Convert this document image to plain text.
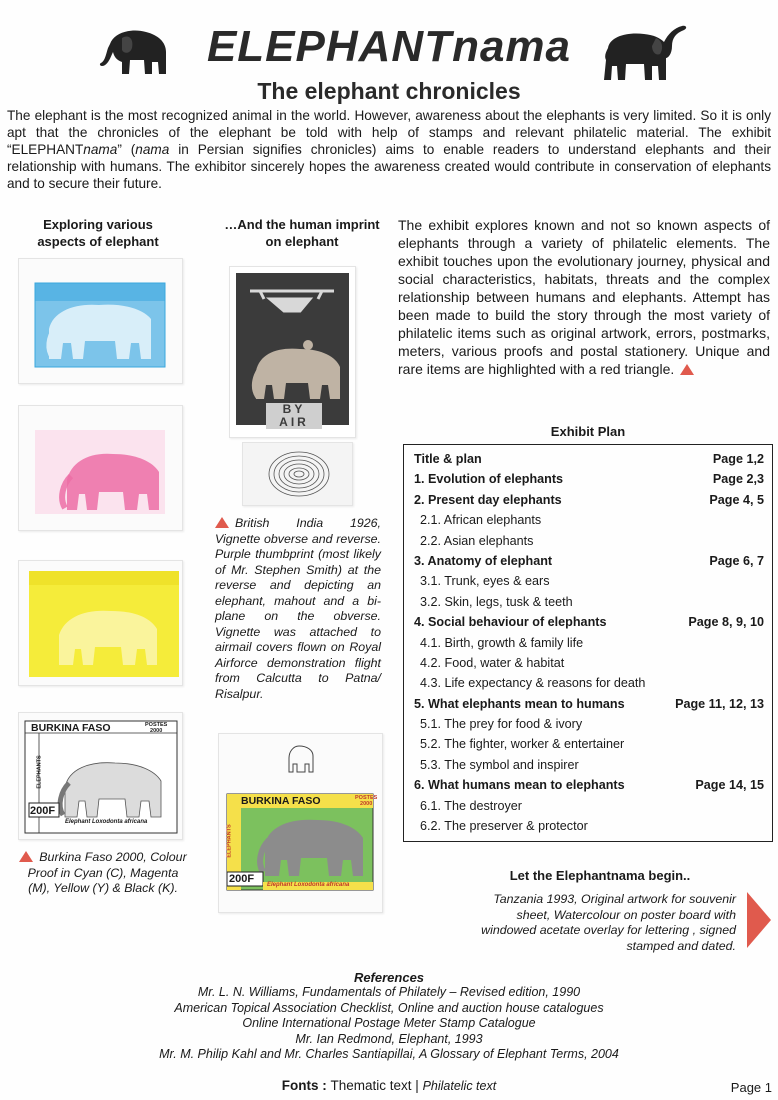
ELEPHANTnama
The elephant chronicles
The elephant is the most recognized animal in the world. However, awareness about the elephants is very limited. So it is only apt that the chronicles of the elephant be told with help of stamps and relevant philatelic material. The exhibit “ELEPHANTnama” (nama in Persian signifies chronicles) aims to enable readers to understand elephants and their relationship with humans. The exhibitor sincerely hopes the awareness created would contribute in conservation of elephants and to secure their future.
Exploring various aspects of elephant
…And the human imprint on elephant
BURKINA FASO	POSTES
2000
ELEPHANTS
200F
Elephant Loxodonta africana
Burkina Faso 2000, Colour Proof in Cyan (C), Magenta (M), Yellow (Y) & Black (K).
BY AIR
British India 1926, Vignette obverse and reverse. Purple thumbprint (most likely of Mr. Stephen Smith) at the reverse and depicting an elephant, mahout and a bi-plane on the obverse. Vignette was attached to airmail covers flown on Royal Airforce demonstration flight from Calcutta to Patna/ Risalpur.
BURKINA FASO	POSTES
2000
ELEPHANTS
200F Elephant Loxodonta africana
The exhibit explores known and not so known aspects of elephants through a variety of philatelic elements. The exhibit touches upon the evolutionary journey, physical and social characteristics, habitats, threats and the complex relationship between humans and elephants. Attempt has been made to build the story through the most variety of philatelic items such as original artwork, errors, postmarks, meters, various proofs and postal stationery. Unique and rare items are highlighted with a red triangle.
Exhibit Plan
Title & plan	Page 1,2
1. Evolution of elephants	Page 2,3
2. Present day elephants	Page 4, 5
2.1. African elephants
2.2. Asian elephants
3. Anatomy of elephant	Page 6, 7
3.1. Trunk, eyes & ears
3.2. Skin, legs, tusk & teeth
4. Social behaviour of elephants	Page 8, 9, 10
4.1. Birth, growth & family life
4.2. Food, water & habitat
4.3. Life expectancy & reasons for death
5. What elephants mean to humans	Page 11, 12, 13
5.1. The prey for food & ivory
5.2. The fighter, worker & entertainer
5.3. The symbol and inspirer
6. What humans mean to elephants	Page 14, 15
6.1. The destroyer
6.2. The preserver & protector
Let the Elephantnama begin..
Tanzania 1993, Original artwork for souvenir sheet, Watercolour on poster board with windowed acetate overlay for lettering , signed stamped and dated.
References
Mr. L. N. Williams, Fundamentals of Philately – Revised edition, 1990
American Topical Association Checklist, Online and auction house catalogues
Online International Postage Meter Stamp Catalogue
Mr. Ian Redmond, Elephant, 1993
Mr. M. Philip Kahl and Mr. Charles Santiapillai, A Glossary of Elephant Terms, 2004
Fonts : Thematic text | Philatelic text	Page 1
